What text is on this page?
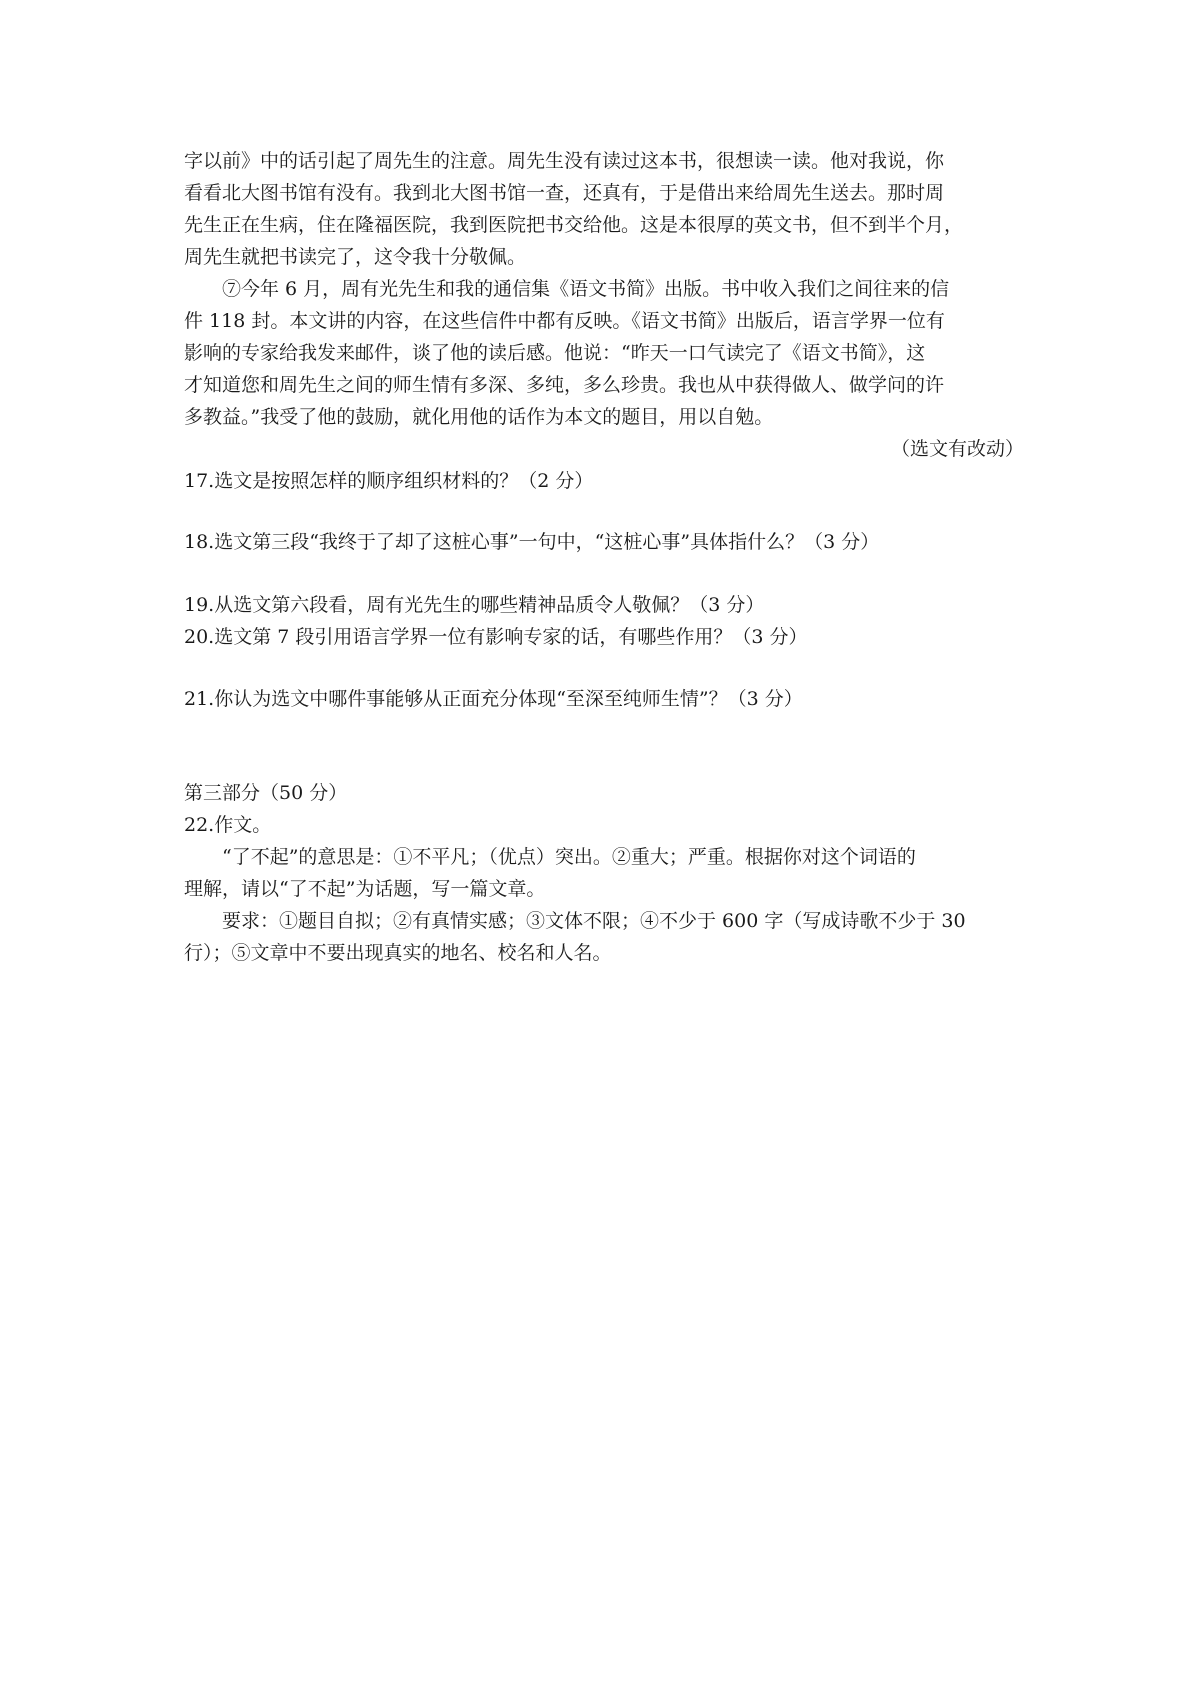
字以前》中的话引起了周先生的注意。周先生没有读过这本书，很想读一读。他对我说，你
看看北大图书馆有没有。我到北大图书馆一查，还真有，于是借出来给周先生送去。那时周
先生正在生病，住在隆福医院，我到医院把书交给他。这是本很厚的英文书，但不到半个月，
周先生就把书读完了，这令我十分敬佩。
⑦今年 6 月，周有光先生和我的通信集《语文书简》出版。书中收入我们之间往来的信
件 118 封。本文讲的内容，在这些信件中都有反映。《语文书简》出版后，语言学界一位有
影响的专家给我发来邮件，谈了他的读后感。他说：“昨天一口气读完了《语文书简》，这
才知道您和周先生之间的师生情有多深、多纯，多么珍贵。我也从中获得做人、做学问的许
多教益。”我受了他的鼓励，就化用他的话作为本文的题目，用以自勉。
（选文有改动）
17.选文是按照怎样的顺序组织材料的？（2 分）
18.选文第三段“我终于了却了这桩心事”一句中，“这桩心事”具体指什么？（3 分）
19.从选文第六段看，周有光先生的哪些精神品质令人敬佩？（3 分）
20.选文第 7 段引用语言学界一位有影响专家的话，有哪些作用？（3 分）
21.你认为选文中哪件事能够从正面充分体现“至深至纯师生情”？（3 分）
第三部分（50 分）
22.作文。
“了不起”的意思是：①不平凡；（优点）突出。②重大；严重。根据你对这个词语的
理解，请以“了不起”为话题，写一篇文章。
要求：①题目自拟；②有真情实感；③文体不限；④不少于 600 字（写成诗歌不少于 30
行）；⑤文章中不要出现真实的地名、校名和人名。
